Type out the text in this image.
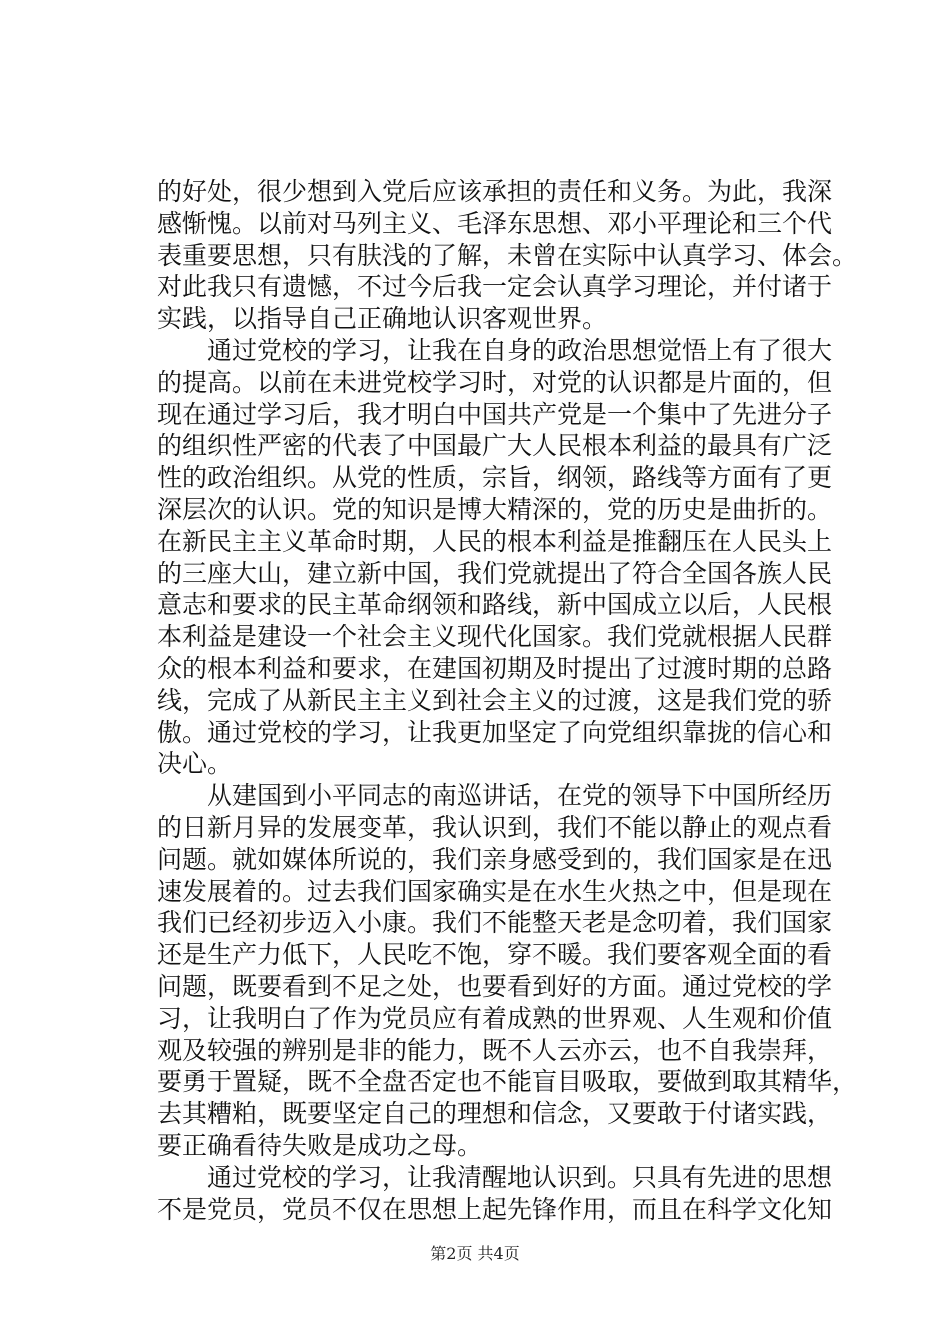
的好处，很少想到入党后应该承担的责任和义务。为此，我深
感惭愧。以前对马列主义、毛泽东思想、邓小平理论和三个代
表重要思想，只有肤浅的了解，未曾在实际中认真学习、体会。
对此我只有遗憾，不过今后我一定会认真学习理论，并付诸于
实践，以指导自己正确地认识客观世界。
　　通过党校的学习，让我在自身的政治思想觉悟上有了很大
的提高。以前在未进党校学习时，对党的认识都是片面的，但
现在通过学习后，我才明白中国共产党是一个集中了先进分子
的组织性严密的代表了中国最广大人民根本利益的最具有广泛
性的政治组织。从党的性质，宗旨，纲领，路线等方面有了更
深层次的认识。党的知识是博大精深的，党的历史是曲折的。
在新民主主义革命时期，人民的根本利益是推翻压在人民头上
的三座大山，建立新中国，我们党就提出了符合全国各族人民
意志和要求的民主革命纲领和路线，新中国成立以后，人民根
本利益是建设一个社会主义现代化国家。我们党就根据人民群
众的根本利益和要求，在建国初期及时提出了过渡时期的总路
线，完成了从新民主主义到社会主义的过渡，这是我们党的骄
傲。通过党校的学习，让我更加坚定了向党组织靠拢的信心和
决心。
　　从建国到小平同志的南巡讲话，在党的领导下中国所经历
的日新月异的发展变革，我认识到，我们不能以静止的观点看
问题。就如媒体所说的，我们亲身感受到的，我们国家是在迅
速发展着的。过去我们国家确实是在水生火热之中，但是现在
我们已经初步迈入小康。我们不能整天老是念叨着，我们国家
还是生产力低下，人民吃不饱，穿不暖。我们要客观全面的看
问题，既要看到不足之处，也要看到好的方面。通过党校的学
习，让我明白了作为党员应有着成熟的世界观、人生观和价值
观及较强的辨别是非的能力，既不人云亦云，也不自我崇拜，
要勇于置疑，既不全盘否定也不能盲目吸取，要做到取其精华，
去其糟粕，既要坚定自己的理想和信念，又要敢于付诸实践，
要正确看待失败是成功之母。
　　通过党校的学习，让我清醒地认识到。只具有先进的思想
不是党员，党员不仅在思想上起先锋作用，而且在科学文化知
第2页 共4页
